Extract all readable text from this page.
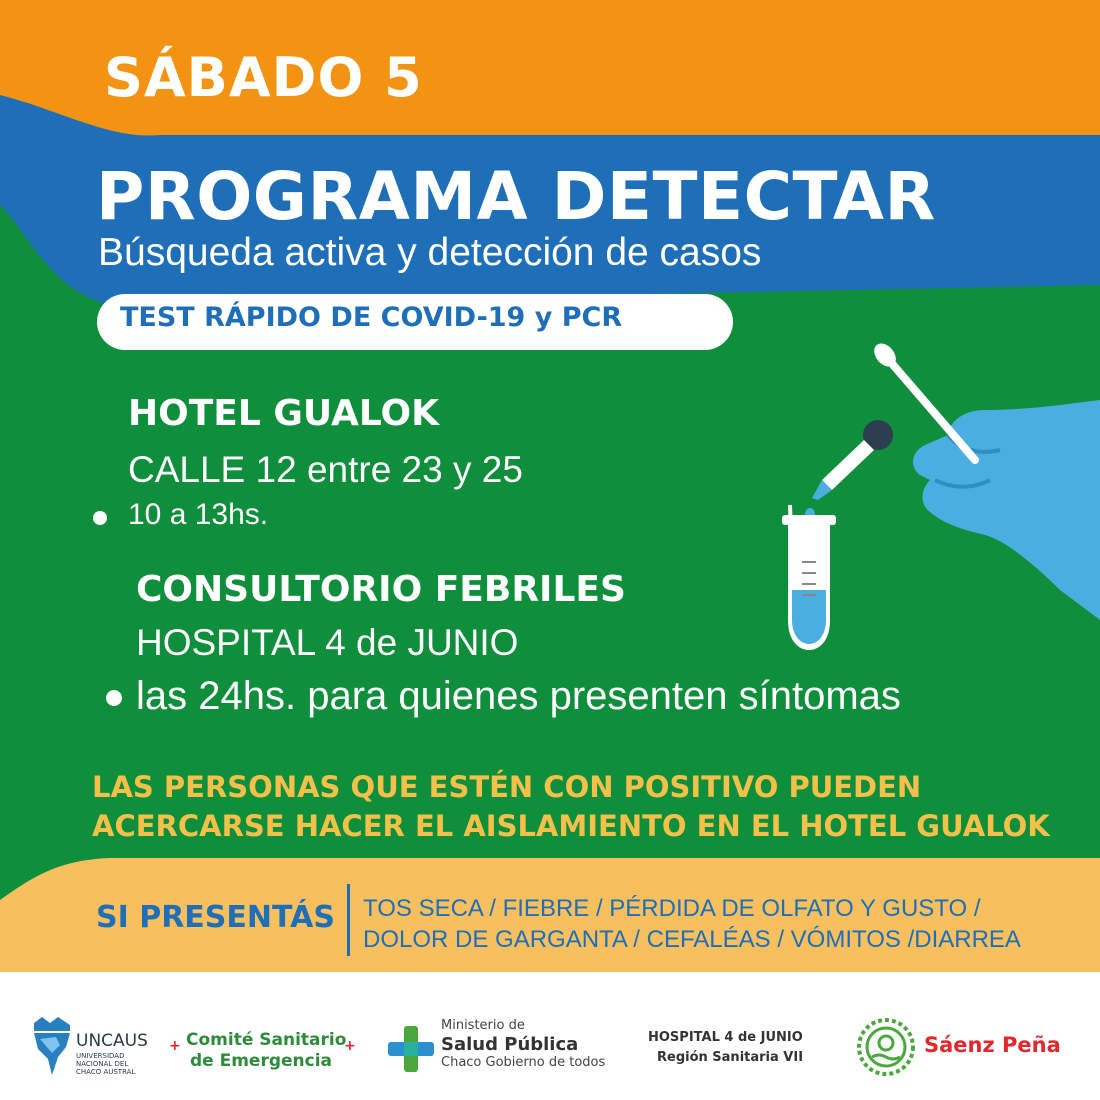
SÁBADO 5
PROGRAMA DETECTAR
Búsqueda activa y detección de casos
TEST RÁPIDO DE COVID-19 y PCR
HOTEL GUALOK
CALLE 12 entre 23 y 25
10 a 13hs.
CONSULTORIO FEBRILES
HOSPITAL 4 de JUNIO
las 24hs. para quienes presenten síntomas
LAS PERSONAS QUE ESTÉN CON POSITIVO PUEDEN
ACERCARSE HACER EL AISLAMIENTO EN EL HOTEL GUALOK
SI PRESENTÁS TOS SECA / FIEBRE / PÉRDIDA DE OLFATO Y GUSTO /
DOLOR DE GARGANTA / CEFALÉAS / VÓMITOS /DIARREA
UNCAUS
UNIVERSIDAD
NACIONAL DEL
CHACO AUSTRAL
+	+
Comité Sanitario
de Emergencia
Ministerio de
Salud Pública
Chaco Gobierno de todos
HOSPITAL 4 de JUNIO
Región Sanitaria VII
Sáenz Peña
